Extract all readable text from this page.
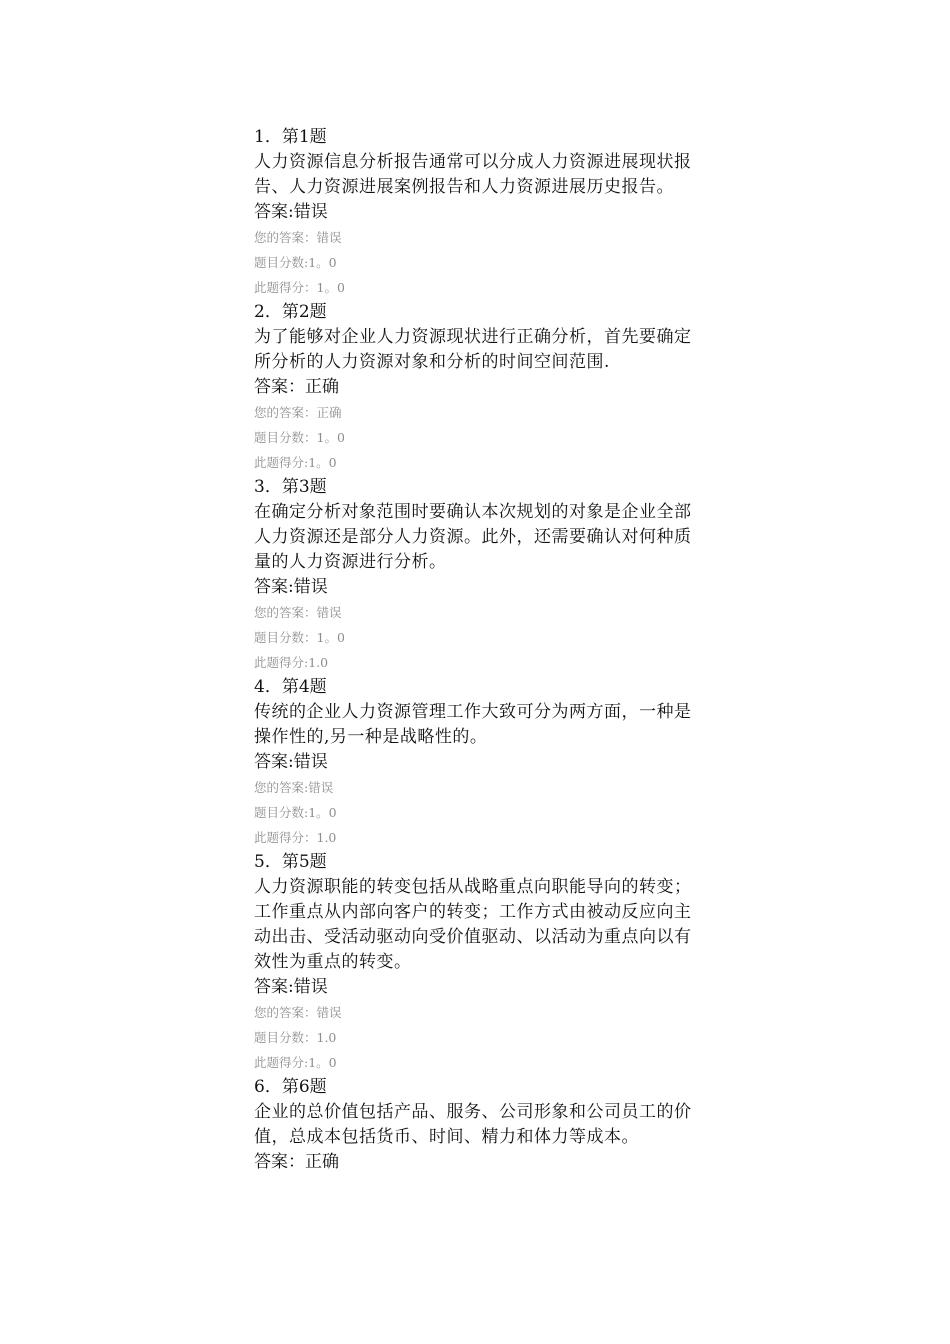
1．第1题
人力资源信息分析报告通常可以分成人力资源进展现状报告、人力资源进展案例报告和人力资源进展历史报告。
答案:错误
您的答案：错误
题目分数:1。0
此题得分：1。0
2．第2题
为了能够对企业人力资源现状进行正确分析，首先要确定所分析的人力资源对象和分析的时间空间范围.
答案：正确
您的答案：正确
题目分数：1。0
此题得分:1。0
3．第3题
在确定分析对象范围时要确认本次规划的对象是企业全部人力资源还是部分人力资源。此外，还需要确认对何种质量的人力资源进行分析。
答案:错误
您的答案：错误
题目分数：1。0
此题得分:1.0
4．第4题
传统的企业人力资源管理工作大致可分为两方面，一种是操作性的,另一种是战略性的。
答案:错误
您的答案:错误
题目分数:1。0
此题得分：1.0
5．第5题
人力资源职能的转变包括从战略重点向职能导向的转变；工作重点从内部向客户的转变；工作方式由被动反应向主动出击、受活动驱动向受价值驱动、以活动为重点向以有效性为重点的转变。
答案:错误
您的答案：错误
题目分数：1.0
此题得分:1。0
6．第6题
企业的总价值包括产品、服务、公司形象和公司员工的价值，总成本包括货币、时间、精力和体力等成本。
答案：正确
